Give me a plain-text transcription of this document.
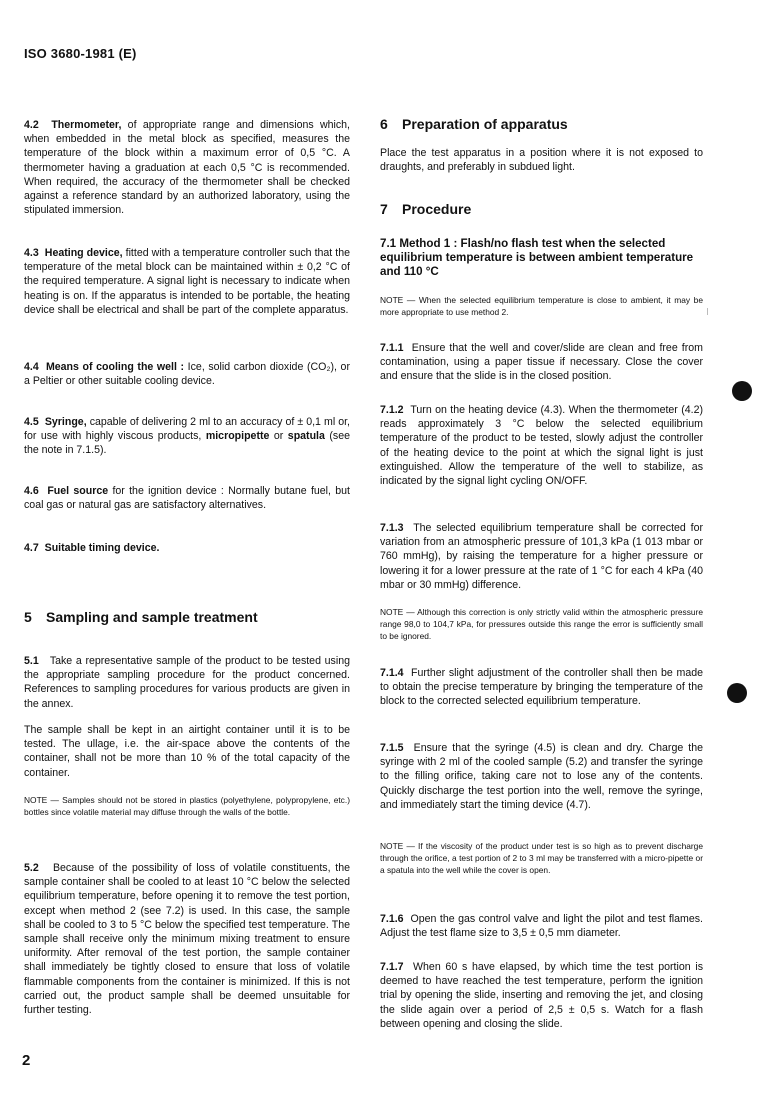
ISO 3680-1981 (E)

4.2 Thermometer, of appropriate range and dimensions which, when embedded in the metal block as specified, measures the temperature of the block within a maximum error of 0,5 °C. A thermometer having a graduation at each 0,5 °C is recommended. When required, the accuracy of the thermometer shall be checked against a reference standard by an authorized laboratory, using the stipulated immersion.

4.3 Heating device, fitted with a temperature controller such that the temperature of the metal block can be maintained within ± 0,2 °C of the required temperature. A signal light is necessary to indicate when heating is on. If the apparatus is intended to be portable, the heating device shall be electrical and shall be part of the complete apparatus.

4.4 Means of cooling the well : Ice, solid carbon dioxide (CO₂), or a Peltier or other suitable cooling device.

4.5 Syringe, capable of delivering 2 ml to an accuracy of ± 0,1 ml or, for use with highly viscous products, micropipette or spatula (see the note in 7.1.5).

4.6 Fuel source for the ignition device : Normally butane fuel, but coal gas or natural gas are satisfactory alternatives.

4.7 Suitable timing device.

5 Sampling and sample treatment

5.1 Take a representative sample of the product to be tested using the appropriate sampling procedure for the product concerned. References to sampling procedures for various products are given in the annex.

The sample shall be kept in an airtight container until it is to be tested. The ullage, i.e. the air-space above the contents of the container, shall not be more than 10 % of the total capacity of the container.

NOTE — Samples should not be stored in plastics (polyethylene, polypropylene, etc.) bottles since volatile material may diffuse through the walls of the bottle.

5.2 Because of the possibility of loss of volatile constituents, the sample container shall be cooled to at least 10 °C below the selected equilibrium temperature, before opening it to remove the test portion, except when method 2 (see 7.2) is used. In this case, the sample shall be cooled to 3 to 5 °C below the specified test temperature. The sample shall receive only the minimum mixing treatment to ensure uniformity. After removal of the test portion, the sample container shall immediately be tightly closed to ensure that loss of volatile flammable components from the container is minimized. If this is not carried out, the product sample shall be deemed unsuitable for further testing.

6 Preparation of apparatus

Place the test apparatus in a position where it is not exposed to draughts, and preferably in subdued light.

7 Procedure

7.1 Method 1 : Flash/no flash test when the selected equilibrium temperature is between ambient temperature and 110 °C

NOTE — When the selected equilibrium temperature is close to ambient, it may be more appropriate to use method 2.

7.1.1 Ensure that the well and cover/slide are clean and free from contamination, using a paper tissue if necessary. Close the cover and ensure that the slide is in the closed position.

7.1.2 Turn on the heating device (4.3). When the thermometer (4.2) reads approximately 3 °C below the selected equilibrium temperature of the product to be tested, slowly adjust the controller of the heating device to the point at which the signal light is just extinguished. Allow the temperature of the well to stabilize, as indicated by the signal light cycling ON/OFF.

7.1.3 The selected equilibrium temperature shall be corrected for variation from an atmospheric pressure of 101,3 kPa (1 013 mbar or 760 mmHg), by raising the temperature for a higher pressure or lowering it for a lower pressure at the rate of 1 °C for each 4 kPa (40 mbar or 30 mmHg) difference.

NOTE — Although this correction is only strictly valid within the atmospheric pressure range 98,0 to 104,7 kPa, for pressures outside this range the error is sufficiently small to be ignored.

7.1.4 Further slight adjustment of the controller shall then be made to obtain the precise temperature by bringing the temperature of the block to the corrected selected equilibrium temperature.

7.1.5 Ensure that the syringe (4.5) is clean and dry. Charge the syringe with 2 ml of the cooled sample (5.2) and transfer the syringe to the filling orifice, taking care not to lose any of the contents. Quickly discharge the test portion into the well, remove the syringe, and immediately start the timing device (4.7).

NOTE — If the viscosity of the product under test is so high as to prevent discharge through the orifice, a test portion of 2 to 3 ml may be transferred with a micro-pipette or a spatula into the well while the cover is open.

7.1.6 Open the gas control valve and light the pilot and test flames. Adjust the test flame size to 3,5 ± 0,5 mm diameter.

7.1.7 When 60 s have elapsed, by which time the test portion is deemed to have reached the test temperature, perform the ignition trial by opening the slide, inserting and removing the jet, and closing the slide again over a period of 2,5 ± 0,5 s. Watch for a flash between opening and closing the slide.

2
